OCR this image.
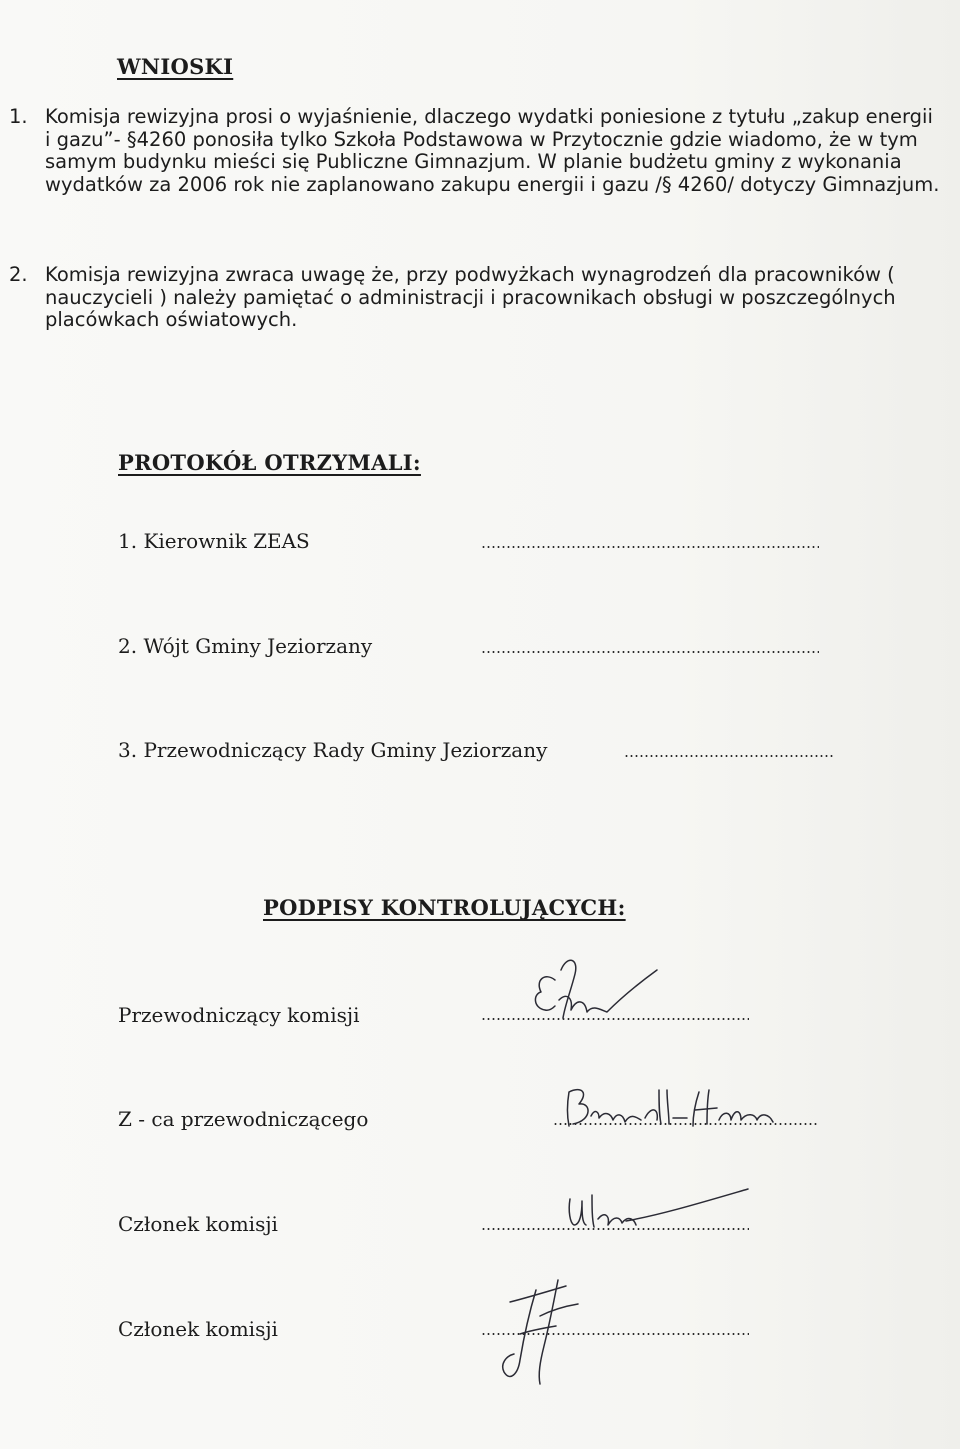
WNIOSKI
1. Komisja rewizyjna prosi o wyjaśnienie, dlaczego wydatki poniesione z tytułu „zakup energii i gazu”- §4260 ponosiła tylko Szkoła Podstawowa w Przytocznie gdzie wiadomo, że w tym samym budynku mieści się Publiczne Gimnazjum. W planie budżetu gminy z wykonania wydatków za 2006 rok nie zaplanowano zakupu energii i gazu /§ 4260/ dotyczy Gimnazjum.
2. Komisja rewizyjna zwraca uwagę że, przy podwyżkach wynagrodzeń dla pracowników ( nauczycieli ) należy pamiętać o administracji i pracownikach obsługi w poszczególnych placówkach oświatowych.
PROTOKÓŁ OTRZYMALI:
1. Kierownik ZEAS
2. Wójt Gminy Jeziorzany
3. Przewodniczący Rady Gminy Jeziorzany
PODPISY KONTROLUJĄCYCH:
Przewodniczący komisji
Z - ca przewodniczącego
Członek komisji
Członek komisji
